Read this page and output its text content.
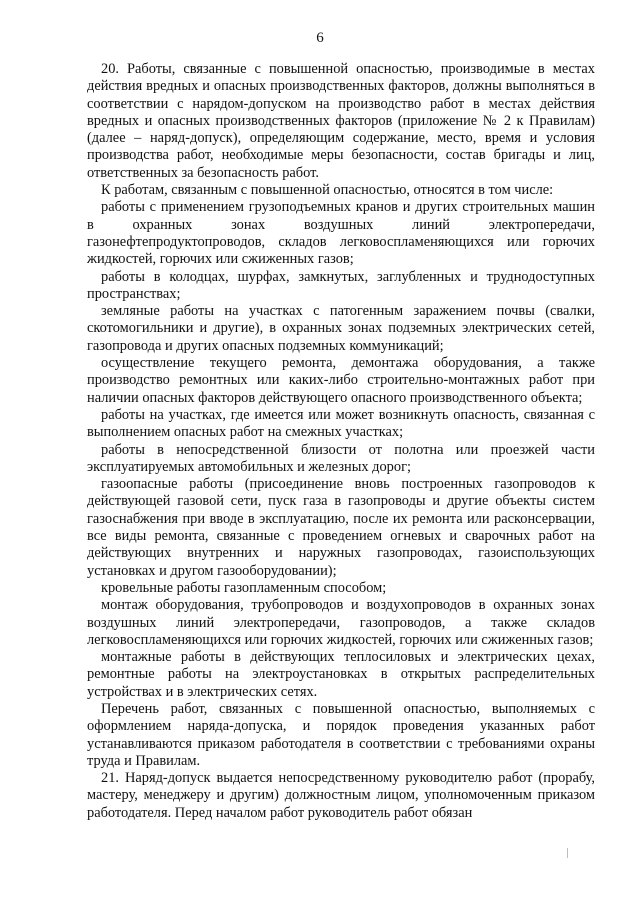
6

20. Работы, связанные с повышенной опасностью, производимые в местах действия вредных и опасных производственных факторов, должны выполняться в соответствии с нарядом-допуском на производство работ в местах действия вредных и опасных производственных факторов (приложение № 2 к Правилам) (далее – наряд-допуск), определяющим содержание, место, время и условия производства работ, необходимые меры безопасности, состав бригады и лиц, ответственных за безопасность работ.

К работам, связанным с повышенной опасностью, относятся в том числе:

работы с применением грузоподъемных кранов и других строительных машин в охранных зонах воздушных линий электропередачи, газонефтепродуктопроводов, складов легковоспламеняющихся или горючих жидкостей, горючих или сжиженных газов;

работы в колодцах, шурфах, замкнутых, заглубленных и труднодоступных пространствах;

земляные работы на участках с патогенным заражением почвы (свалки, скотомогильники и другие), в охранных зонах подземных электрических сетей, газопровода и других опасных подземных коммуникаций;

осуществление текущего ремонта, демонтажа оборудования, а также производство ремонтных или каких-либо строительно-монтажных работ при наличии опасных факторов действующего опасного производственного объекта;

работы на участках, где имеется или может возникнуть опасность, связанная с выполнением опасных работ на смежных участках;

работы в непосредственной близости от полотна или проезжей части эксплуатируемых автомобильных и железных дорог;

газоопасные работы (присоединение вновь построенных газопроводов к действующей газовой сети, пуск газа в газопроводы и другие объекты систем газоснабжения при вводе в эксплуатацию, после их ремонта или расконсервации, все виды ремонта, связанные с проведением огневых и сварочных работ на действующих внутренних и наружных газопроводах, газоиспользующих установках и другом газооборудовании);

кровельные работы газопламенным способом;

монтаж оборудования, трубопроводов и воздухопроводов в охранных зонах воздушных линий электропередачи, газопроводов, а также складов легковоспламеняющихся или горючих жидкостей, горючих или сжиженных газов;

монтажные работы в действующих теплосиловых и электрических цехах, ремонтные работы на электроустановках в открытых распределительных устройствах и в электрических сетях.

Перечень работ, связанных с повышенной опасностью, выполняемых с оформлением наряда-допуска, и порядок проведения указанных работ устанавливаются приказом работодателя в соответствии с требованиями охраны труда и Правилам.

21. Наряд-допуск выдается непосредственному руководителю работ (прорабу, мастеру, менеджеру и другим) должностным лицом, уполномоченным приказом работодателя. Перед началом работ руководитель работ обязан
